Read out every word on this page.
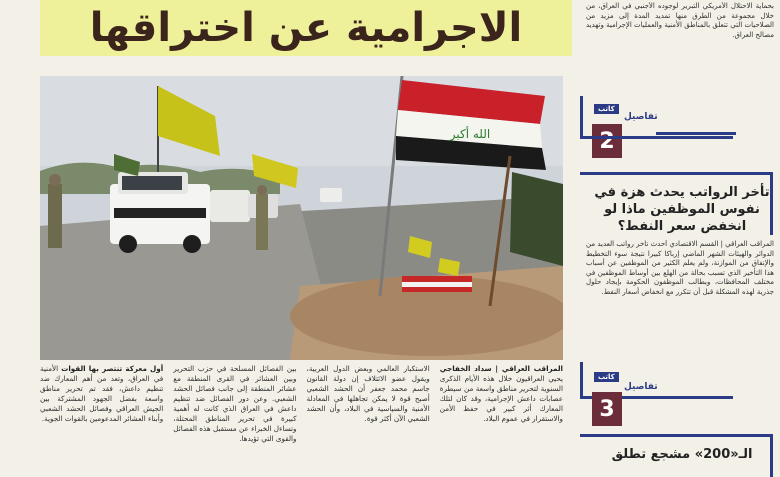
الاجرامية عن اختراقها
الله أكبر
المراقب العراقي | سداد الخفاجي يحيي العراقيون خلال هذه الأيام الذكرى السنوية لتحرير مناطق واسعة من سيطرة عصابات داعش الإجرامية، وقد كان لتلك المعارك أثر كبير في حفظ الأمن والاستقرار في عموم البلاد.
الاستكبار العالمي وبعض الدول العربية، ويقول عضو الائتلاف إن دولة القانون جاسم محمد جعفر أن الحشد الشعبي أصبح قوة لا يمكن تجاهلها في المعادلة الأمنية والسياسية في البلاد، وأن الحشد الشعبي الآن أكثر قوة.
بين الفصائل المسلحة في حزب التحرير وبين العشائر في القرى المنطقة مع عشائر المنطقة إلى جانب فصائل الحشد الشعبي. وعن دور الفصائل ضد تنظيم داعش في العراق الذي كانت له أهمية كبيرة في تحرير المناطق المحتلة، وتساءل الخبراء عن مستقبل هذه الفصائل والقوى التي تؤيدها.
أول معركة تنتصر بها القوات الأمنية في العراق، وتعد من أهم المعارك ضد تنظيم داعش، فقد تم تحرير مناطق واسعة بفضل الجهود المشتركة بين الجيش العراقي وفصائل الحشد الشعبي وأبناء العشائر المدعومين بالقوات الجوية.
بحماية الاحتلال الأمريكي التبرير لوجوده الأجنبي في العراق، من خلال مجموعة من الطرق منها تمديد المدة إلى مزيد من الصلاحيات التي تتعلق بالمناطق الأمنية والعمليات الإجرامية وتهديد مصالح العراق.
كاتب
تفاصيل
2
تأخر الرواتب يحدث هزة في نفوس الموظفين ماذا لو انخفض سعر النفط؟
المراقب العراقي | القسم الاقتصادي أحدث تأخر رواتب العديد من الدوائر والهيئات الشهر الماضي إرباكا كبيرا نتيجة سوء التخطيط والإنفاق من الموازنة، ولم يعلم الكثير من الموظفين عن أسباب هذا التأخير الذي تسبب بحالة من الهلع بين أوساط الموظفين في مختلف المحافظات، ويطالب الموظفون الحكومة بإيجاد حلول جذرية لهذه المشكلة قبل أن تتكرر مع انخفاض أسعار النفط.
كاتب
تفاصيل
3
الـ«200» مشجع تطلق
